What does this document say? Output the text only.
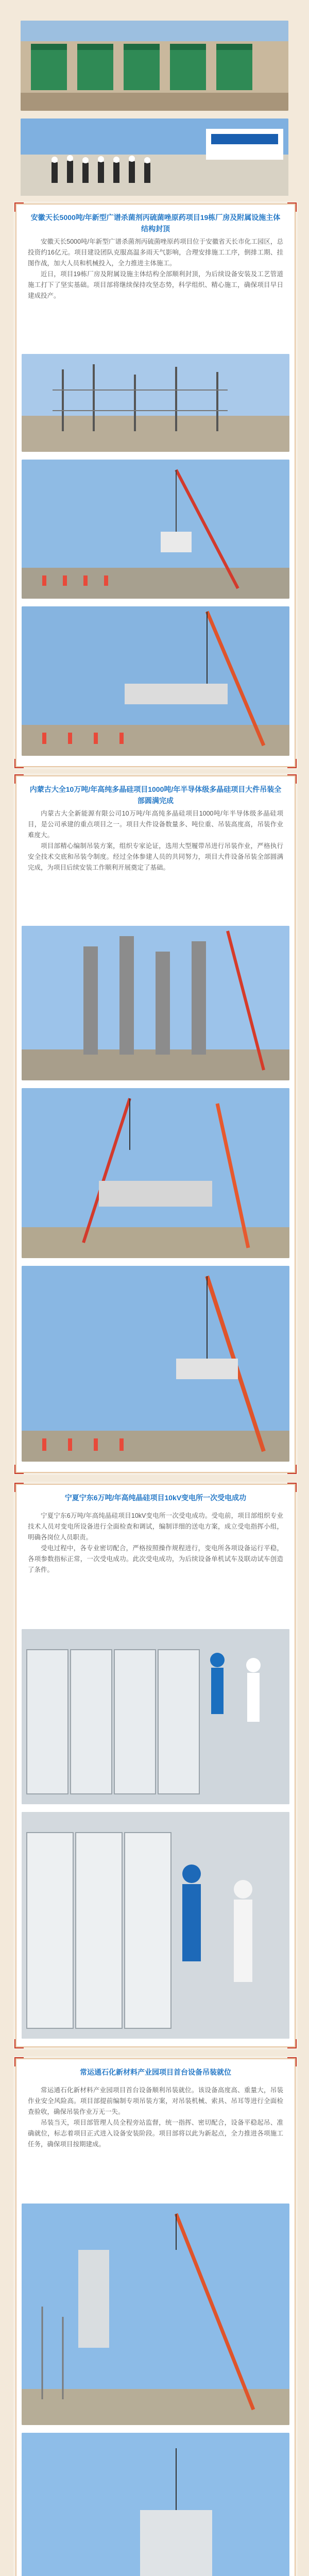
安徽天长5000吨/年新型广谱杀菌剂丙硫菌唑原药项目19栋厂房及附属设施主体结构封顶

安徽天长5000吨/年新型广谱杀菌剂丙硫菌唑原药项目位于安徽省天长市化工园区，总投资约16亿元。项目建设团队克服高温多雨天气影响，合理安排施工工序，倒排工期、挂图作战，加大人员和机械投入，全力推进主体施工。

近日，项目19栋厂房及附属设施主体结构全部顺利封顶，为后续设备安装及工艺管道施工打下了坚实基础。项目部将继续保持攻坚态势，科学组织、精心施工，确保项目早日建成投产。

内蒙古大全10万吨/年高纯多晶硅项目1000吨/年半导体级多晶硅项目大件吊装全部圆满完成

内蒙古大全新能源有限公司10万吨/年高纯多晶硅项目1000吨/年半导体级多晶硅项目，是公司承建的重点项目之一。项目大件设备数量多、吨位重、吊装高度高，吊装作业难度大。

项目部精心编制吊装方案，组织专家论证，选用大型履带吊进行吊装作业，严格执行安全技术交底和吊装令制度。经过全体参建人员的共同努力，项目大件设备吊装全部圆满完成，为项目后续安装工作顺利开展奠定了基础。

宁夏宁东6万吨/年高纯晶硅项目10kV变电所一次受电成功

宁夏宁东6万吨/年高纯晶硅项目10kV变电所一次受电成功。受电前，项目部组织专业技术人员对变电所设备进行全面检查和调试，编制详细的送电方案，成立受电指挥小组，明确各岗位人员职责。

受电过程中，各专业密切配合，严格按照操作规程进行，变电所各项设备运行平稳，各项参数指标正常，一次受电成功。此次受电成功，为后续设备单机试车及联动试车创造了条件。

常运通石化新材料产业园项目首台设备吊装就位

常运通石化新材料产业园项目首台设备顺利吊装就位。该设备高度高、重量大，吊装作业安全风险高。项目部提前编制专项吊装方案，对吊装机械、索具、吊耳等进行全面检查验收，确保吊装作业万无一失。

吊装当天，项目部管理人员全程旁站监督，统一指挥、密切配合，设备平稳起吊、准确就位，标志着项目正式进入设备安装阶段。项目部将以此为新起点，全力推进各项施工任务，确保项目按期建成。
